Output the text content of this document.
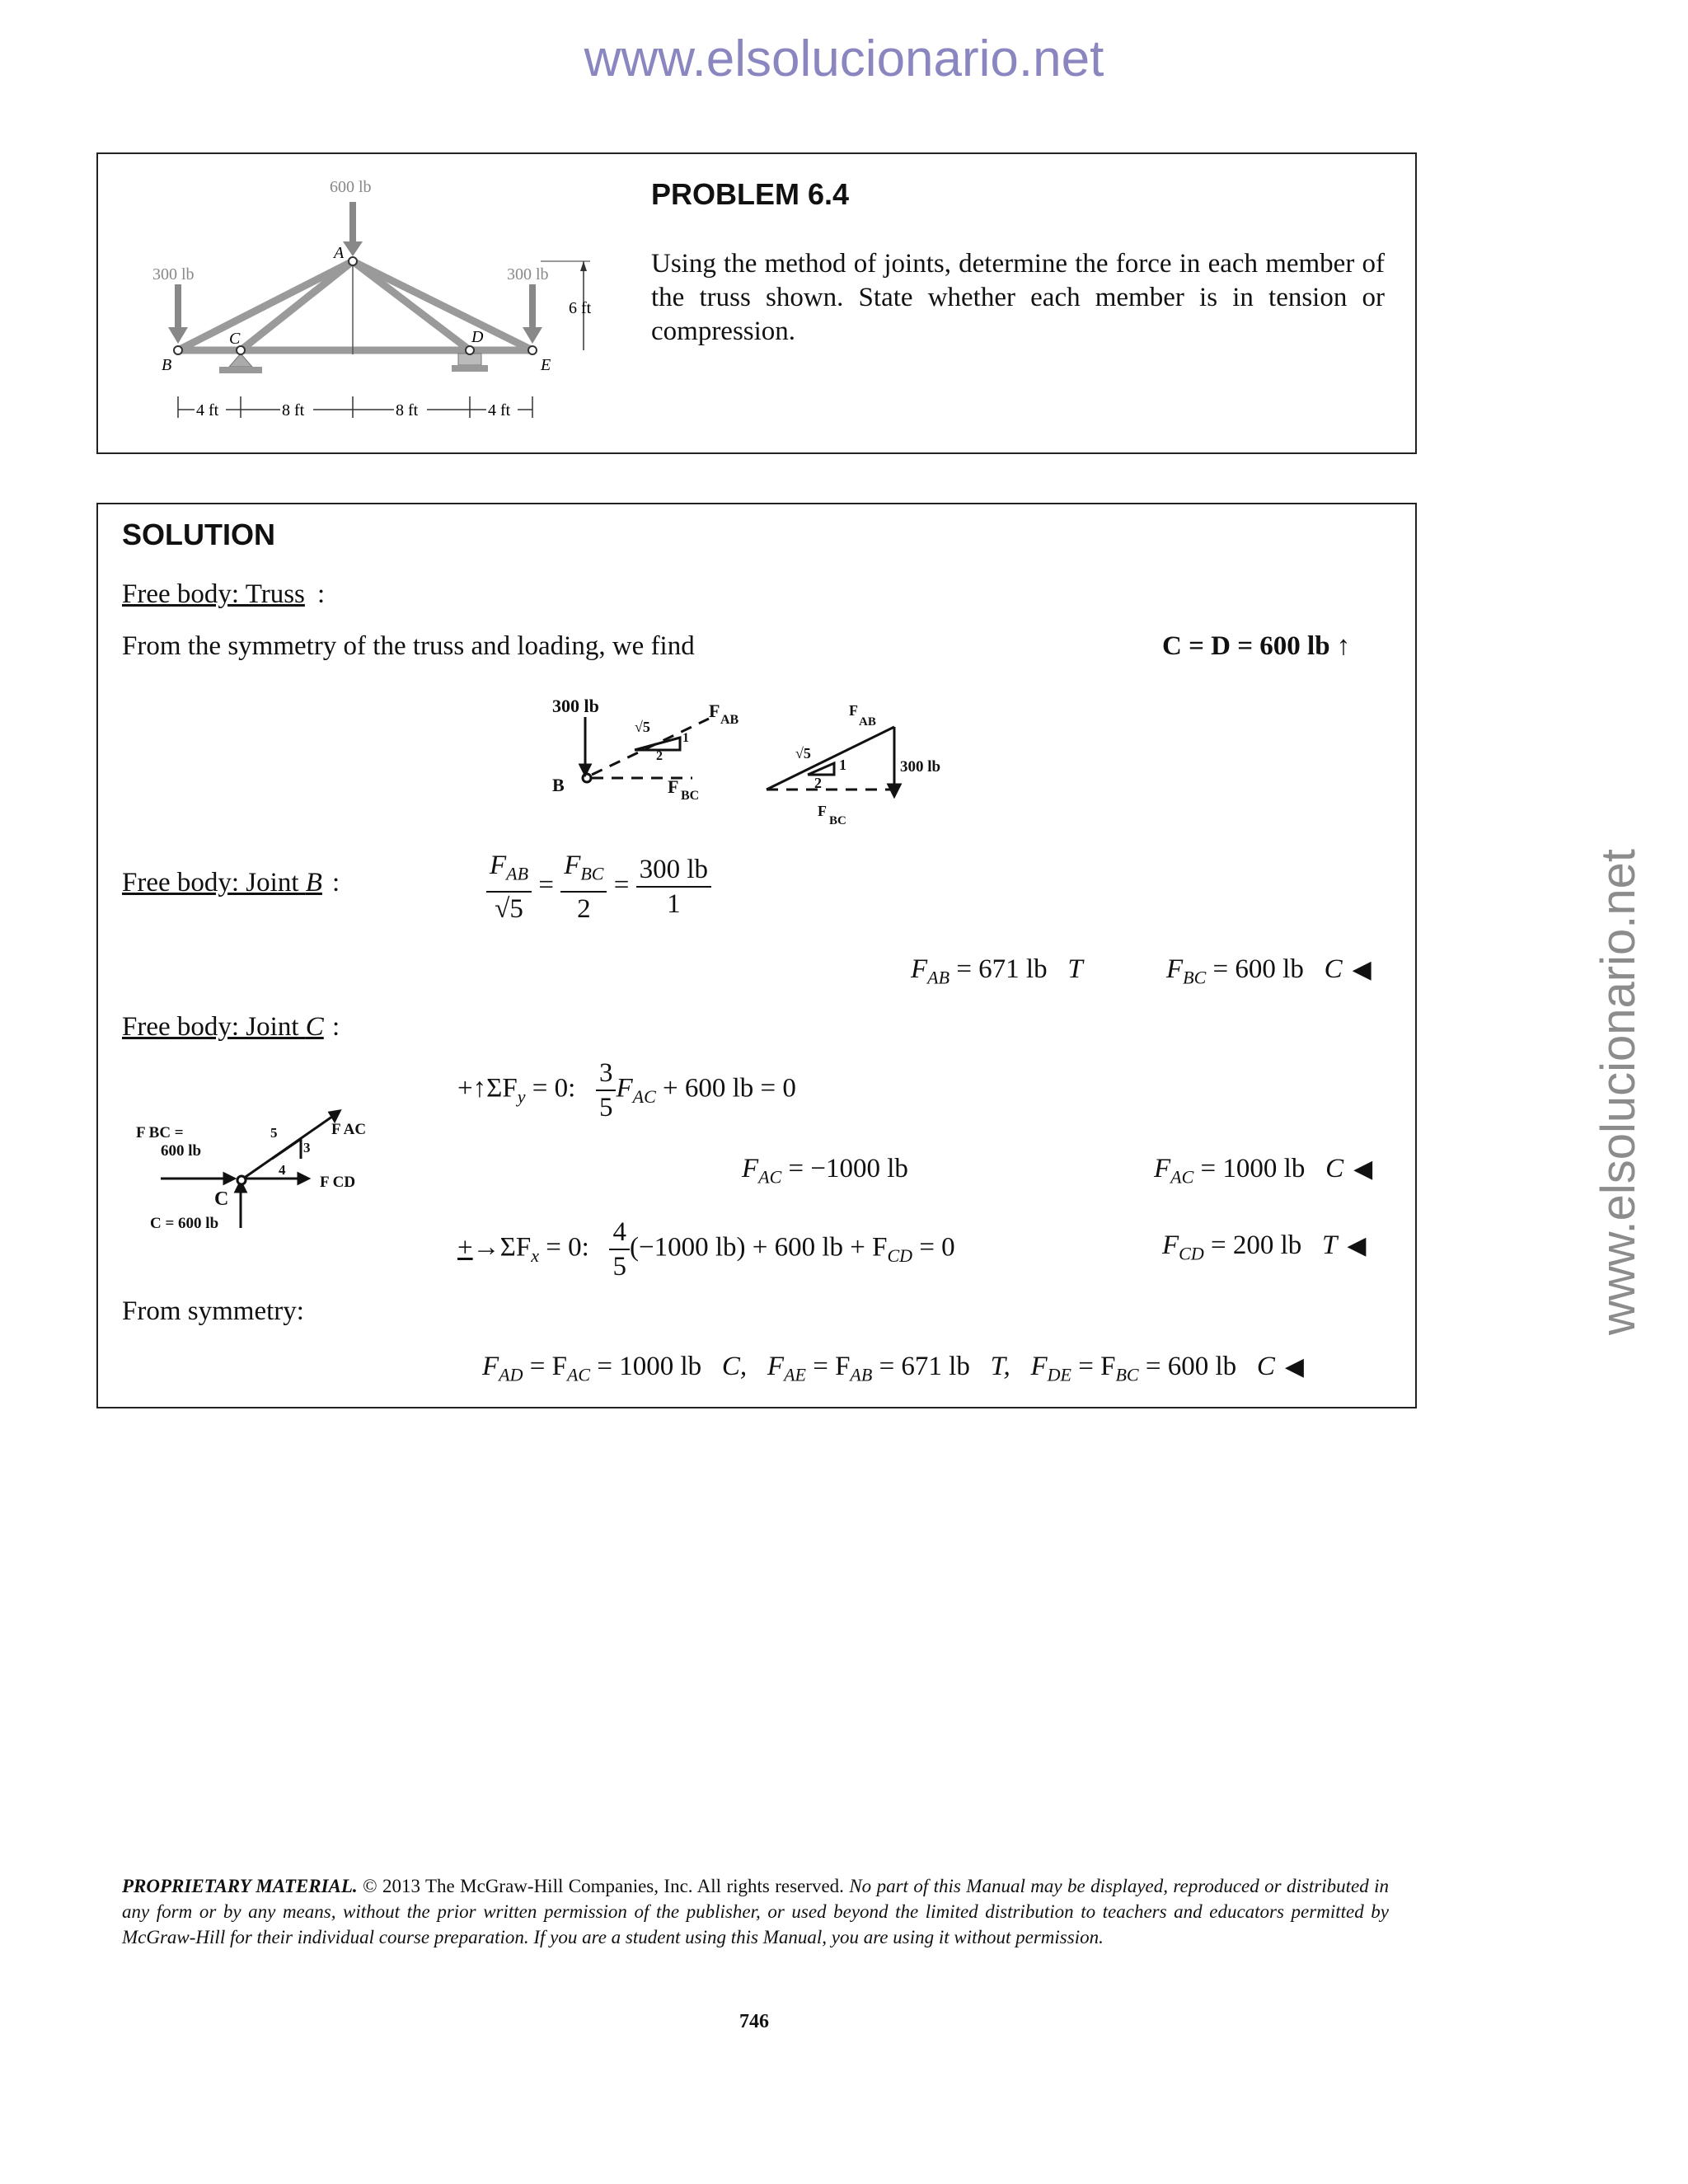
www.elsolucionario.net
www.elsolucionario.net
600 lb
300 lb	300 lb
A
B
C	D
E
6 ft
4 ft	8 ft	8 ft	4 ft
PROBLEM 6.4
Using the method of joints, determine the force in each member of the truss shown. State whether each member is in tension or compression.
SOLUTION
Free body: Truss :
From the symmetry of the truss and loading, we find	C = D = 600 lb ↑
300 lb
√5
1
2
F AB
F BC
B
300 lb
√5
1
2
F
AB
F
BC
Free body: Joint B :	$\frac{F_{AB}}{√5} = \frac{F_{BC}}{2} = \frac{300 lb}{1}$
$F_{AB} = 671$ lb T	$F_{BC} = 600$ lb C ◀
Free body: Joint C :
F BC =
600 lb
C
C = 600 lb
5
3
4
F AC
F CD
$+↑\Sigma F_y = 0$: $\frac{3}{5} F_{AC} + 600$ lb = 0
$F_{AC} = -1000$ lb	$F_{AC} = 1000$ lb C ◀
$+\to\Sigma F_x = 0$: $\frac{4}{5} (-1000$ lb) + 600 lb + $F_{CD} = 0$	$F_{CD} = 200$ lb T ◀
From symmetry:
$F_{AD} = F_{AC} = 1000$ lb C, $F_{AE} = F_{AB} = 671$ lb T, $F_{DE} = F_{BC} = 600$ lb C ◀
PROPRIETARY MATERIAL. © 2013 The McGraw-Hill Companies, Inc. All rights reserved. No part of this Manual may be displayed, reproduced or distributed in any form or by any means, without the prior written permission of the publisher, or used beyond the limited distribution to teachers and educators permitted by McGraw-Hill for their individual course preparation. If you are a student using this Manual, you are using it without permission.
746
